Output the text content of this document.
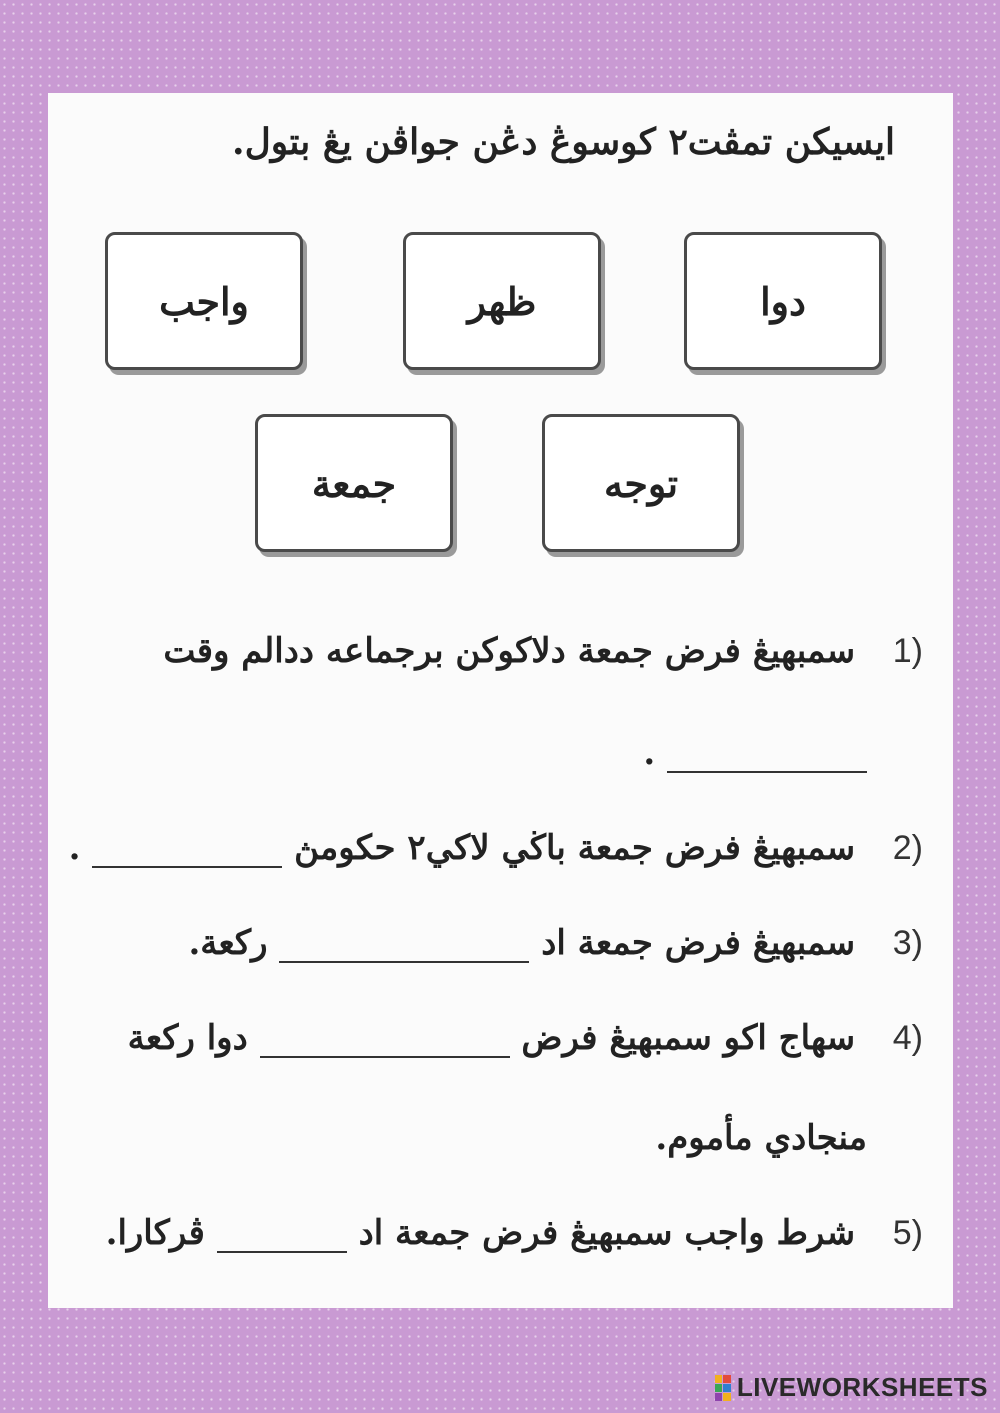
ايسيكن تمڤت٢ كوسوڠ دڠن جواڤن يڠ بتول.
دوا
ظهر
واجب
توجه
جمعة
1) سمبهيڠ فرض جمعة دلاكوكن برجماعه ددالم وقت
.
2) سمبهيڠ فرض جمعة باڬي لاکي٢ حکومڽ  .
3) سمبهيڠ فرض جمعة اد  ركعة.
4) سهاج اکو سمبهيڠ فرض  دوا ركعة
منجادي مأموم.
5) شرط واجب سمبهيڠ فرض جمعة اد  ڤركارا.
LIVEWORKSHEETS
